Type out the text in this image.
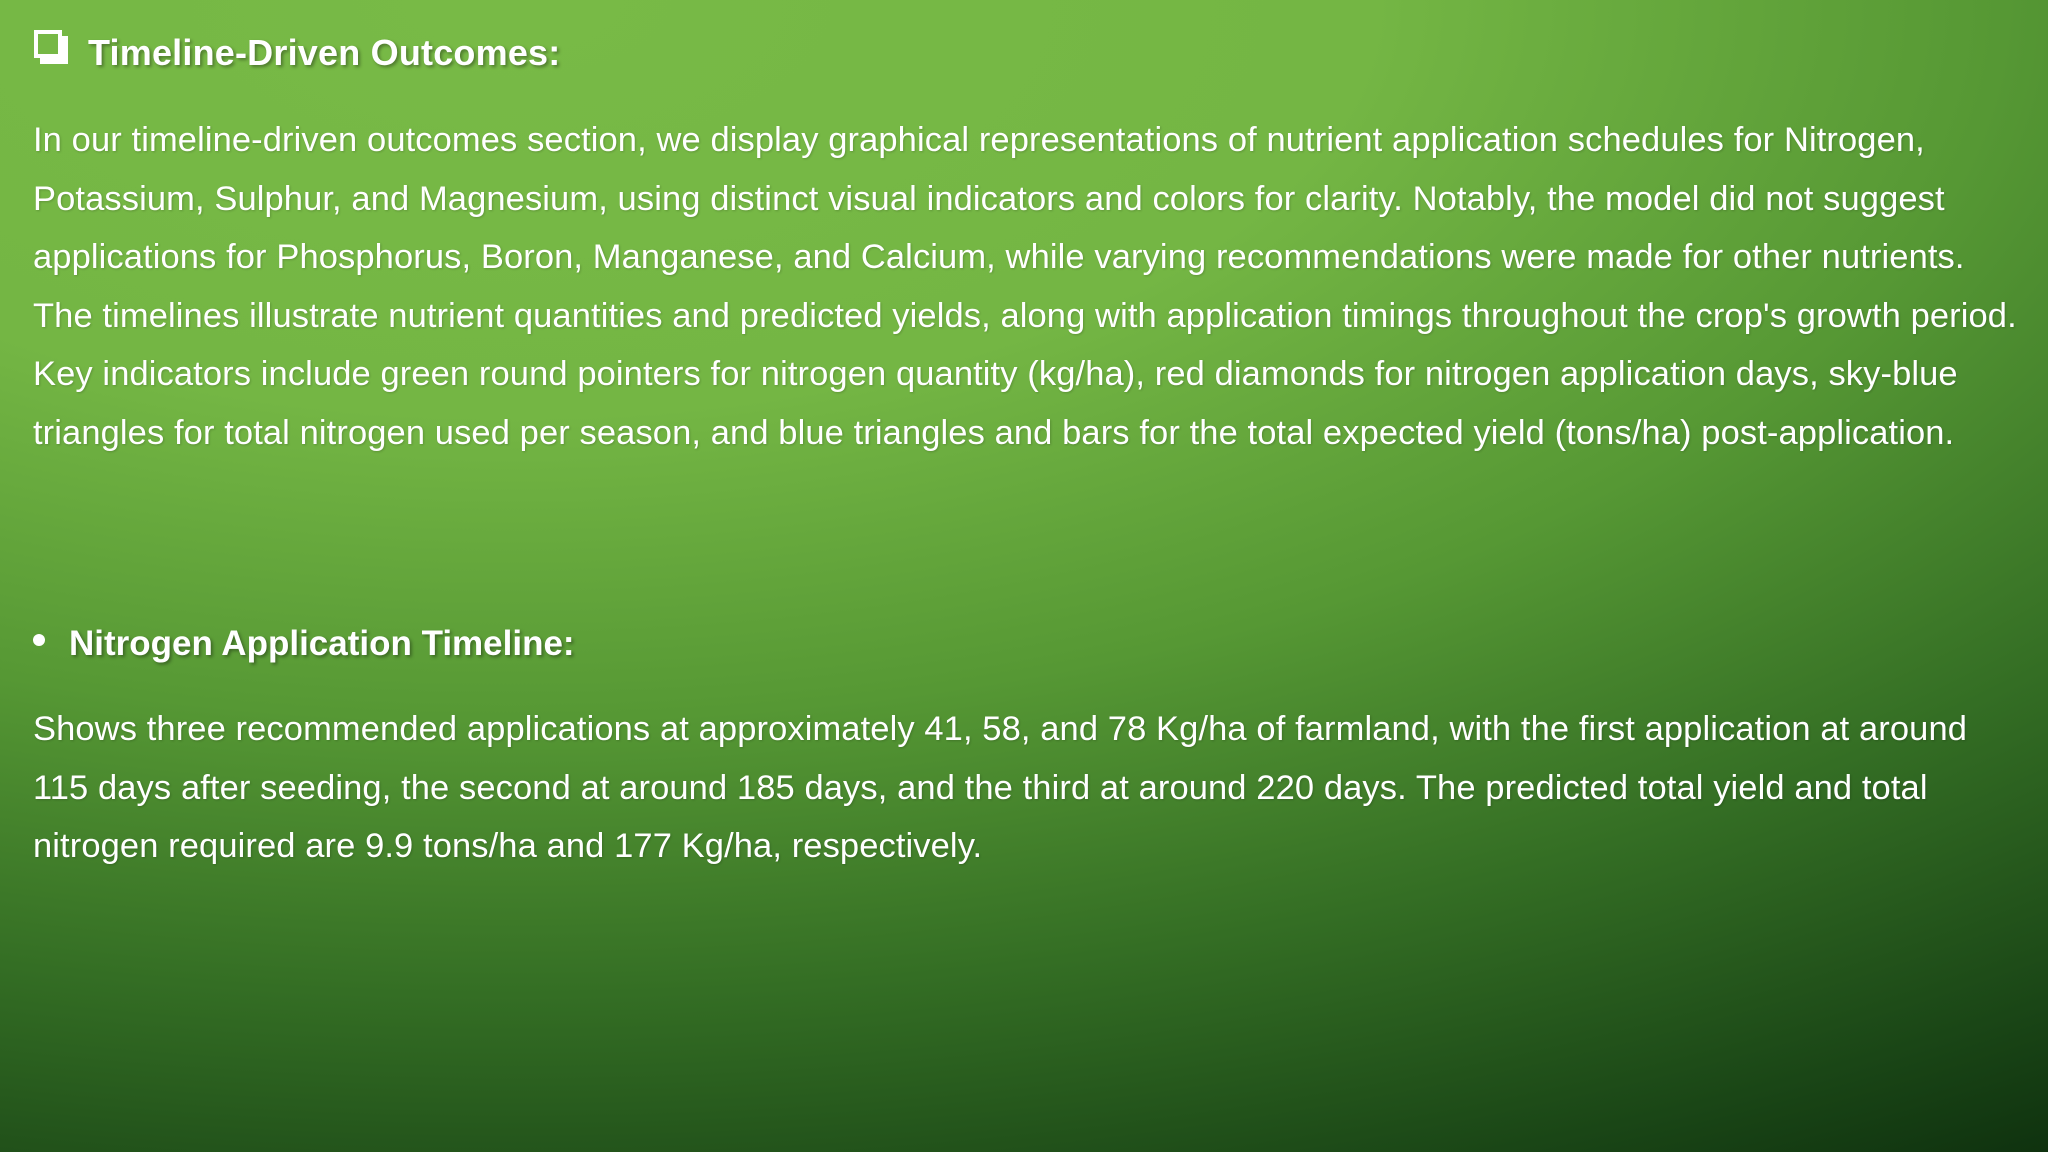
Timeline-Driven Outcomes:
In our timeline-driven outcomes section, we display graphical representations of nutrient application schedules for Nitrogen, Potassium, Sulphur, and Magnesium, using distinct visual indicators and colors for clarity. Notably, the model did not suggest applications for Phosphorus, Boron, Manganese, and Calcium, while varying recommendations were made for other nutrients. The timelines illustrate nutrient quantities and predicted yields, along with application timings throughout the crop's growth period. Key indicators include green round pointers for nitrogen quantity (kg/ha), red diamonds for nitrogen application days, sky-blue triangles for total nitrogen used per season, and blue triangles and bars for the total expected yield (tons/ha) post-application.
Nitrogen Application Timeline:
Shows three recommended applications at approximately 41, 58, and 78 Kg/ha of farmland, with the first application at around 115 days after seeding, the second at around 185 days, and the third at around 220 days. The predicted total yield and total nitrogen required are 9.9 tons/ha and 177 Kg/ha, respectively.
